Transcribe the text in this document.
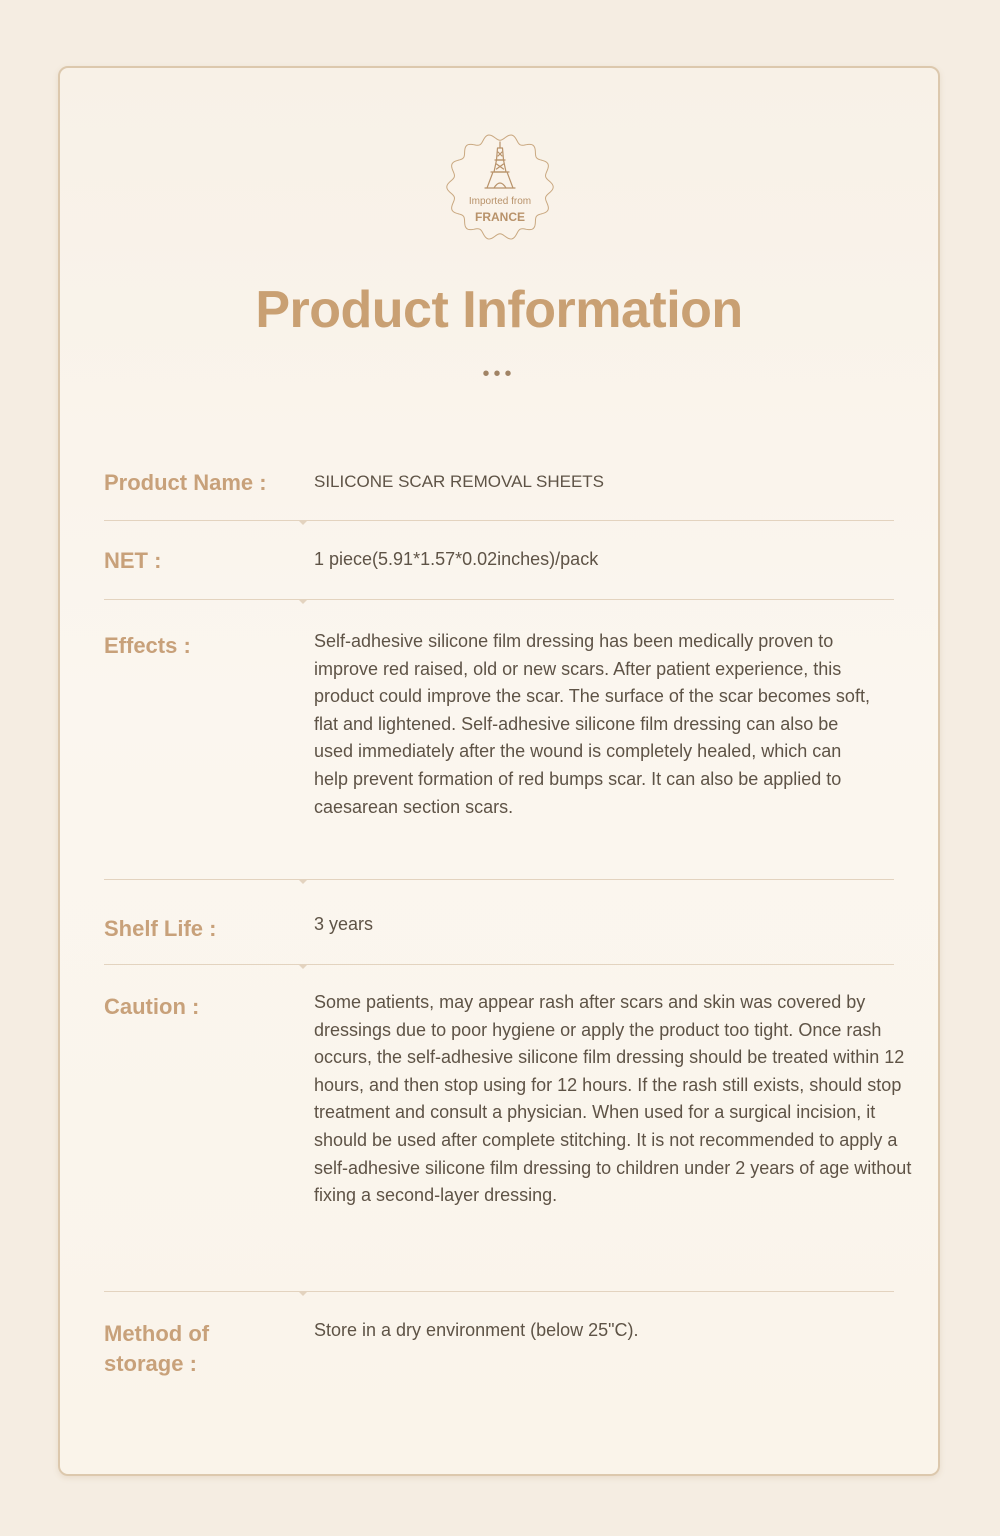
Imported from
FRANCE
Product Information
•••
Product Name :	SILICONE SCAR REMOVAL SHEETS
NET :	1 piece(5.91*1.57*0.02inches)/pack
Effects :	Self-adhesive silicone film dressing has been medically proven to improve red raised, old or new scars. After patient experience, this product could improve the scar. The surface of the scar becomes soft, flat and lightened. Self-adhesive silicone film dressing can also be used immediately after the wound is completely healed, which can help prevent formation of red bumps scar. It can also be applied to caesarean section scars.
Shelf Life :	3 years
Caution :	Some patients, may appear rash after scars and skin was covered by dressings due to poor hygiene or apply the product too tight. Once rash occurs, the self-adhesive silicone film dressing should be treated within 12 hours, and then stop using for 12 hours. If the rash still exists, should stop treatment and consult a physician. When used for a surgical incision, it should be used after complete stitching. It is not recommended to apply a self-adhesive silicone film dressing to children under 2 years of age without fixing a second-layer dressing.
Method of storage :
Store in a dry environment (below 25"C).
